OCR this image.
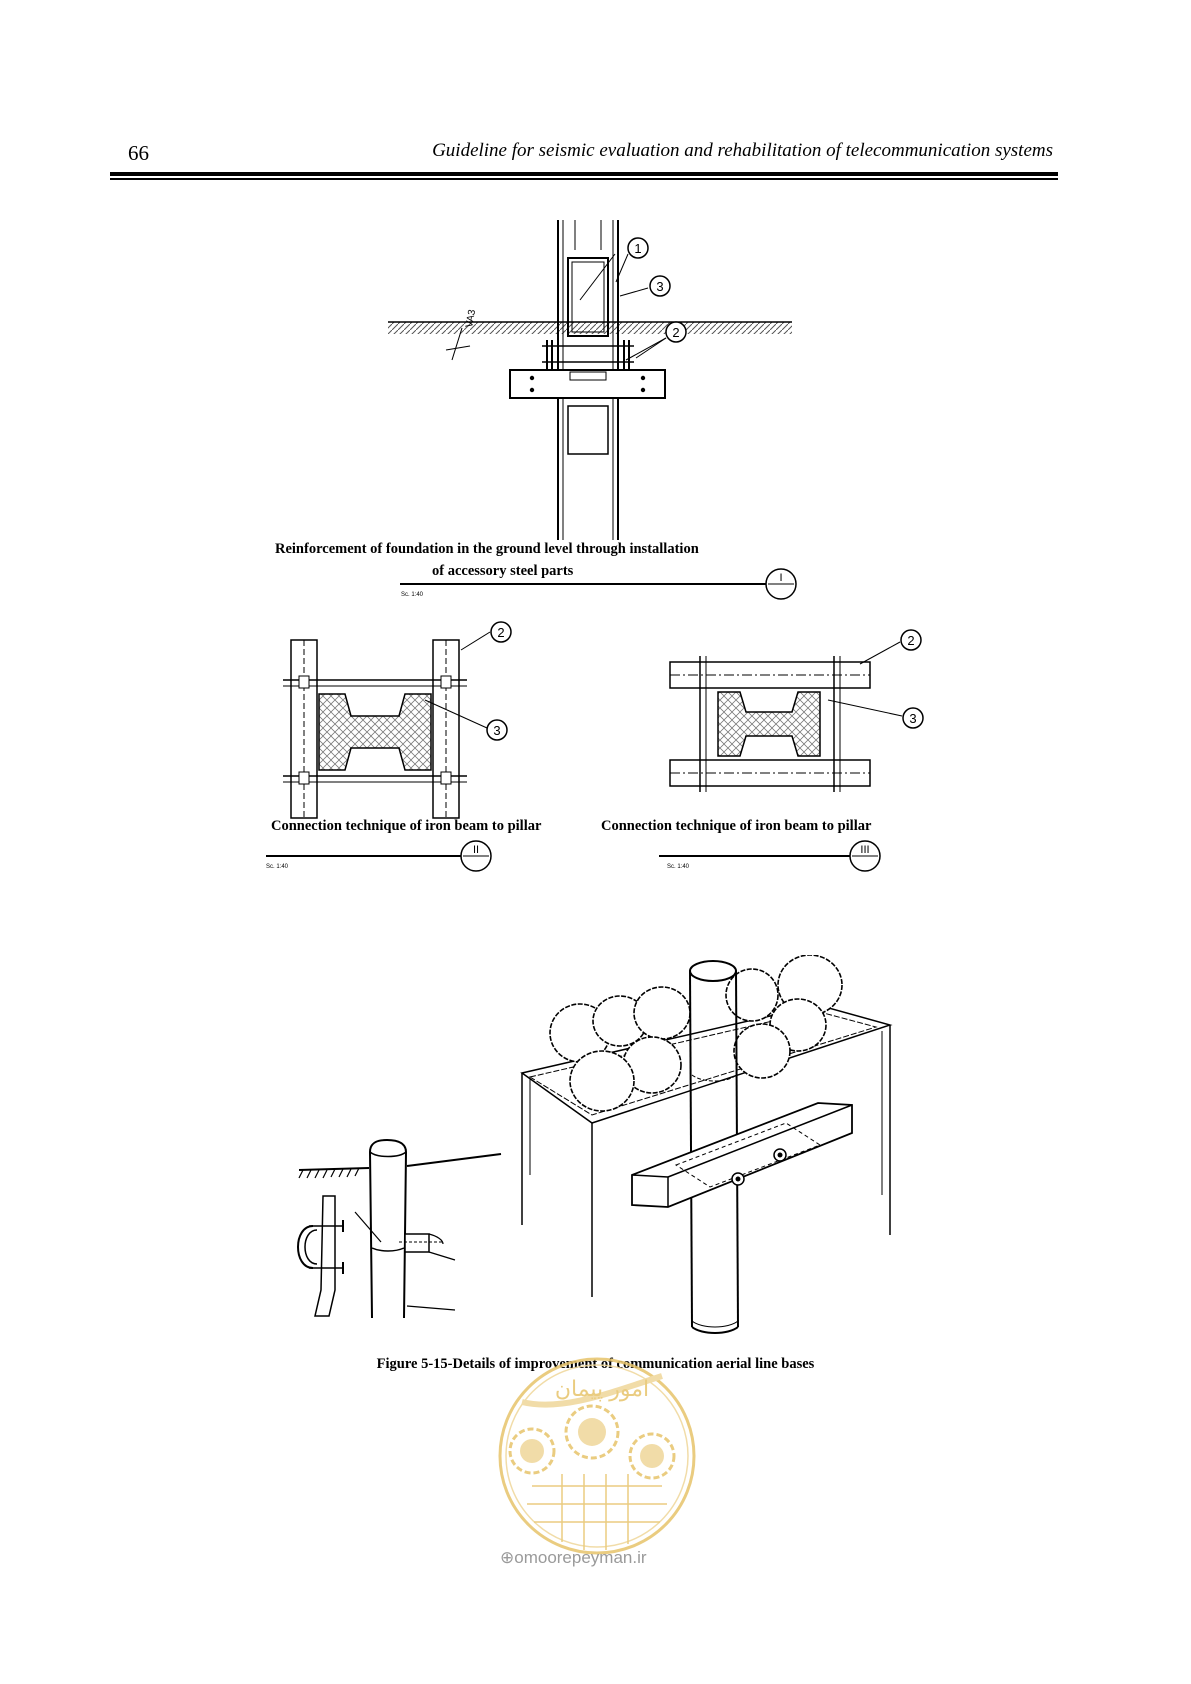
66	Guideline for seismic evaluation and rehabilitation of telecommunication systems
1
3
2
VA3
Reinforcement of foundation in the ground level through installation
of accessory steel parts
Sc. 1:40
I
2
3
2
3
Connection technique of iron beam to pillar	Connection technique of iron beam to pillar
Sc. 1:40
II
Sc. 1:40
III
Figure 5-15-Details of improvement of communication aerial line bases
امور پیمان
⊕omoorepeyman.ir
